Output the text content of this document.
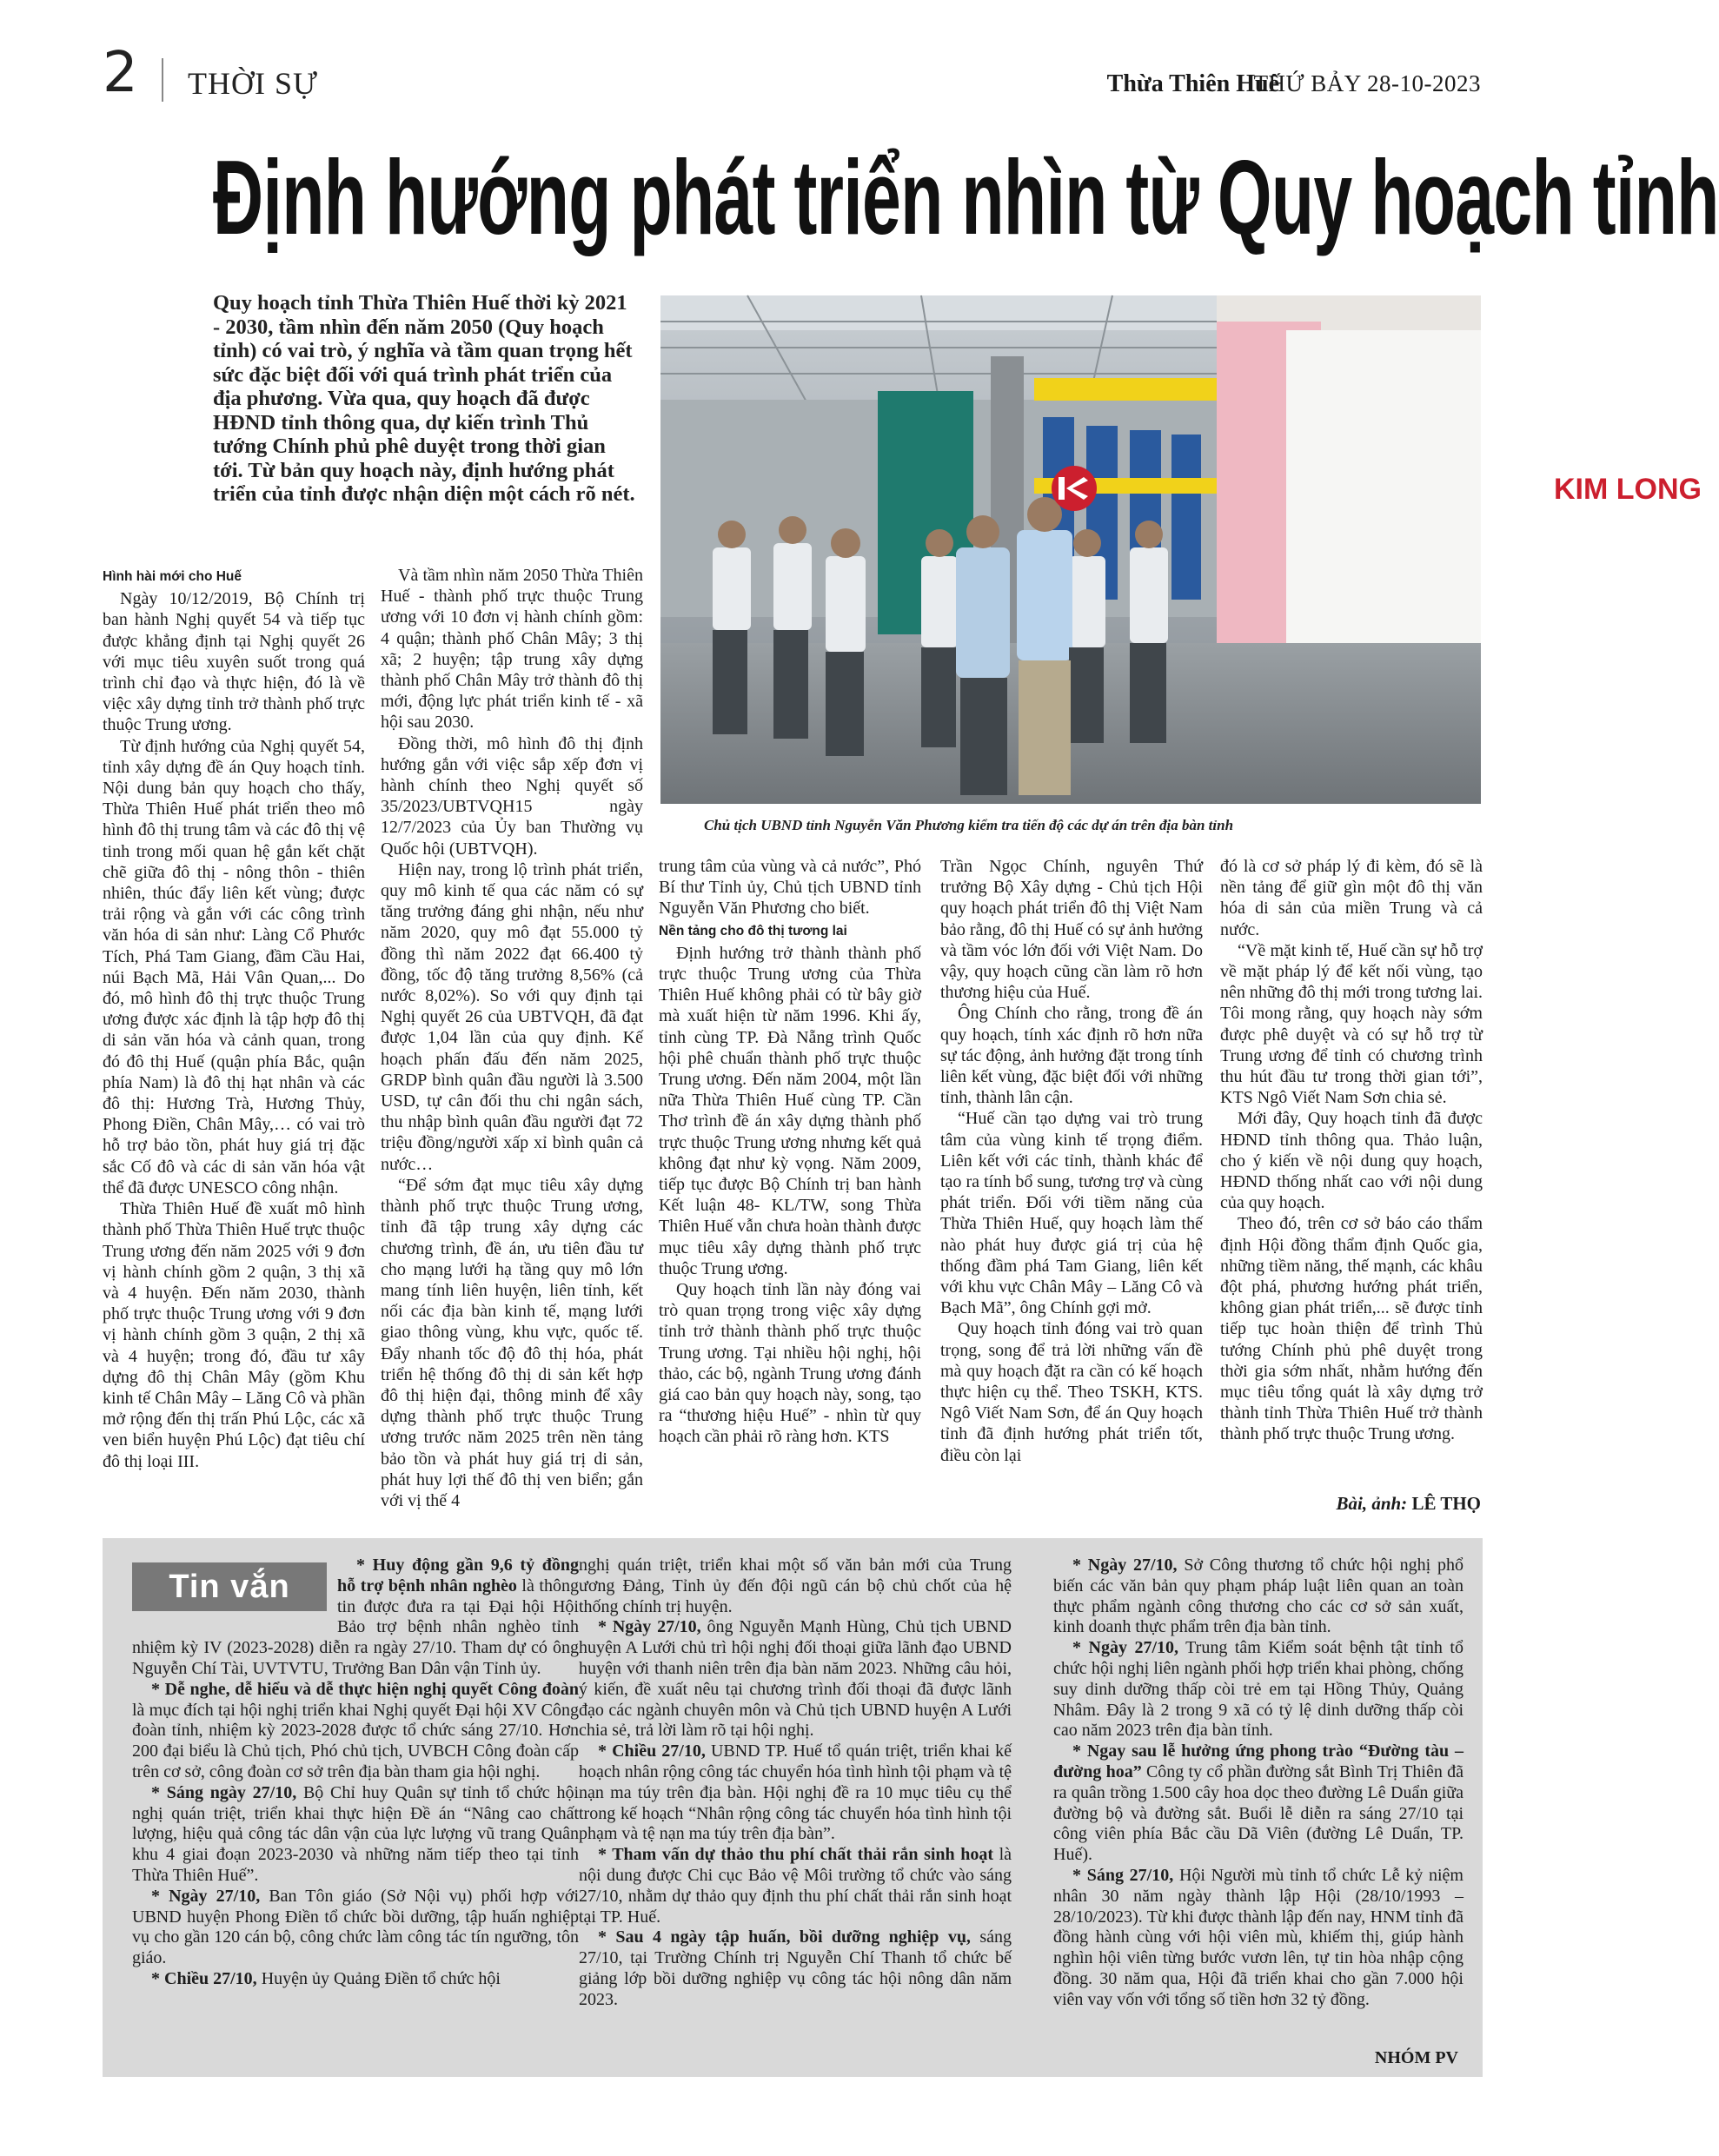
2 THỜI SỰ	Thừa Thiên Huế
THỨ BẢY 28-10-2023
Định hướng phát triển nhìn từ Quy hoạch tỉnh
Quy hoạch tỉnh Thừa Thiên Huế thời kỳ 2021 - 2030, tầm nhìn đến năm 2050 (Quy hoạch tỉnh) có vai trò, ý nghĩa và tầm quan trọng hết sức đặc biệt đối với quá trình phát triển của địa phương. Vừa qua, quy hoạch đã được HĐND tỉnh thông qua, dự kiến trình Thủ tướng Chính phủ phê duyệt trong thời gian tới. Từ bản quy hoạch này, định hướng phát triển của tỉnh được nhận diện một cách rõ nét.	KIM LONG
Chủ tịch UBND tỉnh Nguyễn Văn Phương kiểm tra tiến độ các dự án trên địa bàn tỉnh

Hình hài mới cho Huế

Ngày 10/12/2019, Bộ Chính trị ban hành Nghị quyết 54 và tiếp tục được khẳng định tại Nghị quyết 26 với mục tiêu xuyên suốt trong quá trình chỉ đạo và thực hiện, đó là về việc xây dựng tỉnh trở thành phố trực thuộc Trung ương.

Từ định hướng của Nghị quyết 54, tỉnh xây dựng đề án Quy hoạch tỉnh. Nội dung bản quy hoạch cho thấy, Thừa Thiên Huế phát triển theo mô hình đô thị trung tâm và các đô thị vệ tinh trong mối quan hệ gắn kết chặt chẽ giữa đô thị - nông thôn - thiên nhiên, thúc đẩy liên kết vùng; được trải rộng và gắn với các công trình văn hóa di sản như: Làng Cổ Phước Tích, Phá Tam Giang, đầm Cầu Hai, núi Bạch Mã, Hải Vân Quan,... Do đó, mô hình đô thị trực thuộc Trung ương được xác định là tập hợp đô thị di sản văn hóa và cảnh quan, trong đó đô thị Huế (quận phía Bắc, quận phía Nam) là đô thị hạt nhân và các đô thị: Hương Trà, Hương Thủy, Phong Điền, Chân Mây,… có vai trò hỗ trợ bảo tồn, phát huy giá trị đặc sắc Cố đô và các di sản văn hóa vật thể đã được UNESCO công nhận.

Thừa Thiên Huế đề xuất mô hình thành phố Thừa Thiên Huế trực thuộc Trung ương đến năm 2025 với 9 đơn vị hành chính gồm 2 quận, 3 thị xã và 4 huyện. Đến năm 2030, thành phố trực thuộc Trung ương với 9 đơn vị hành chính gồm 3 quận, 2 thị xã và 4 huyện; trong đó, đầu tư xây dựng đô thị Chân Mây (gồm Khu kinh tế Chân Mây – Lăng Cô và phần mở rộng đến thị trấn Phú Lộc, các xã ven biển huyện Phú Lộc) đạt tiêu chí đô thị loại III.

Và tầm nhìn năm 2050 Thừa Thiên Huế - thành phố trực thuộc Trung ương với 10 đơn vị hành chính gồm: 4 quận; thành phố Chân Mây; 3 thị xã; 2 huyện; tập trung xây dựng thành phố Chân Mây trở thành đô thị mới, động lực phát triển kinh tế - xã hội sau 2030.

Đồng thời, mô hình đô thị định hướng gắn với việc sắp xếp đơn vị hành chính theo Nghị quyết số 35/2023/UBTVQH15 ngày 12/7/2023 của Ủy ban Thường vụ Quốc hội (UBTVQH).

Hiện nay, trong lộ trình phát triển, quy mô kinh tế qua các năm có sự tăng trưởng đáng ghi nhận, nếu như năm 2020, quy mô đạt 55.000 tỷ đồng thì năm 2022 đạt 66.400 tỷ đồng, tốc độ tăng trưởng 8,56% (cả nước 8,02%). So với quy định tại Nghị quyết 26 của UBTVQH, đã đạt được 1,04 lần của quy định. Kế hoạch phấn đấu đến năm 2025, GRDP bình quân đầu người là 3.500 USD, tự cân đối thu chi ngân sách, thu nhập bình quân đầu người đạt 72 triệu đồng/người xấp xỉ bình quân cả nước…

“Để sớm đạt mục tiêu xây dựng thành phố trực thuộc Trung ương, tỉnh đã tập trung xây dựng các chương trình, đề án, ưu tiên đầu tư cho mạng lưới hạ tầng quy mô lớn mang tính liên huyện, liên tỉnh, kết nối các địa bàn kinh tế, mạng lưới giao thông vùng, khu vực, quốc tế. Đẩy nhanh tốc độ đô thị hóa, phát triển hệ thống đô thị di sản kết hợp đô thị hiện đại, thông minh để xây dựng thành phố trực thuộc Trung ương trước năm 2025 trên nền tảng bảo tồn và phát huy giá trị di sản, phát huy lợi thế đô thị ven biển; gắn với vị thế 4

trung tâm của vùng và cả nước”, Phó Bí thư Tỉnh ủy, Chủ tịch UBND tỉnh Nguyễn Văn Phương cho biết.

Nền tảng cho đô thị tương lai

Định hướng trở thành thành phố trực thuộc Trung ương của Thừa Thiên Huế không phải có từ bây giờ mà xuất hiện từ năm 1996. Khi ấy, tỉnh cùng TP. Đà Nẵng trình Quốc hội phê chuẩn thành phố trực thuộc Trung ương. Đến năm 2004, một lần nữa Thừa Thiên Huế cùng TP. Cần Thơ trình đề án xây dựng thành phố trực thuộc Trung ương nhưng kết quả không đạt như kỳ vọng. Năm 2009, tiếp tục được Bộ Chính trị ban hành Kết luận 48- KL/TW, song Thừa Thiên Huế vẫn chưa hoàn thành được mục tiêu xây dựng thành phố trực thuộc Trung ương.

Quy hoạch tỉnh lần này đóng vai trò quan trọng trong việc xây dựng tỉnh trở thành thành phố trực thuộc Trung ương. Tại nhiều hội nghị, hội thảo, các bộ, ngành Trung ương đánh giá cao bản quy hoạch này, song, tạo ra “thương hiệu Huế” - nhìn từ quy hoạch cần phải rõ ràng hơn. KTS

Trần Ngọc Chính, nguyên Thứ trưởng Bộ Xây dựng - Chủ tịch Hội quy hoạch phát triển đô thị Việt Nam bảo rằng, đô thị Huế có sự ảnh hưởng và tầm vóc lớn đối với Việt Nam. Do vậy, quy hoạch cũng cần làm rõ hơn thương hiệu của Huế.

Ông Chính cho rằng, trong đề án quy hoạch, tính xác định rõ hơn nữa sự tác động, ảnh hưởng đặt trong tính liên kết vùng, đặc biệt đối với những tỉnh, thành lân cận.

“Huế cần tạo dựng vai trò trung tâm của vùng kinh tế trọng điểm. Liên kết với các tỉnh, thành khác để tạo ra tính bổ sung, tương trợ và cùng phát triển. Đối với tiềm năng của Thừa Thiên Huế, quy hoạch làm thế nào phát huy được giá trị của hệ thống đầm phá Tam Giang, liên kết với khu vực Chân Mây – Lăng Cô và Bạch Mã”, ông Chính gợi mở.

Quy hoạch tỉnh đóng vai trò quan trọng, song để trả lời những vấn đề mà quy hoạch đặt ra cần có kế hoạch thực hiện cụ thể. Theo TSKH, KTS. Ngô Viết Nam Sơn, để án Quy hoạch tỉnh đã định hướng phát triển tốt, điều còn lại

đó là cơ sở pháp lý đi kèm, đó sẽ là nền tảng để giữ gìn một đô thị văn hóa di sản của miền Trung và cả nước.

“Về mặt kinh tế, Huế cần sự hỗ trợ về mặt pháp lý để kết nối vùng, tạo nên những đô thị mới trong tương lai. Tôi mong rằng, quy hoạch này sớm được phê duyệt và có sự hỗ trợ từ Trung ương để tỉnh có chương trình thu hút đầu tư trong thời gian tới”, KTS Ngô Viết Nam Sơn chia sẻ.

Mới đây, Quy hoạch tỉnh đã được HĐND tỉnh thông qua. Thảo luận, cho ý kiến về nội dung quy hoạch, HĐND thống nhất cao với nội dung của quy hoạch.

Theo đó, trên cơ sở báo cáo thẩm định Hội đồng thẩm định Quốc gia, những tiềm năng, thế mạnh, các khâu đột phá, phương hướng phát triển, không gian phát triển,... sẽ được tỉnh tiếp tục hoàn thiện để trình Thủ tướng Chính phủ phê duyệt trong thời gia sớm nhất, nhằm hướng đến mục tiêu tổng quát là xây dựng trở thành tỉnh Thừa Thiên Huế trở thành thành phố trực thuộc Trung ương.

Bài, ảnh: LÊ THỌ

* Huy động gần 9,6 tỷ đồng hỗ trợ bệnh nhân nghèo là thông tin được đưa ra tại Đại hội Hội Bảo trợ bệnh nhân nghèo tỉnh nhiệm kỳ IV (2023-2028) diễn ra ngày 27/10. Tham dự có ông Nguyễn Chí Tài, UVTVTU, Trưởng Ban Dân vận Tỉnh ủy.

* Dễ nghe, dễ hiểu và dễ thực hiện nghị quyết Công đoàn là mục đích tại hội nghị triển khai Nghị quyết Đại hội XV Công đoàn tỉnh, nhiệm kỳ 2023-2028 được tổ chức sáng 27/10. Hơn 200 đại biểu là Chủ tịch, Phó chủ tịch, UVBCH Công đoàn cấp trên cơ sở, công đoàn cơ sở trên địa bàn tham gia hội nghị.

* Sáng ngày 27/10, Bộ Chỉ huy Quân sự tỉnh tổ chức hội nghị quán triệt, triển khai thực hiện Đề án “Nâng cao chất lượng, hiệu quả công tác dân vận của lực lượng vũ trang Quân khu 4 giai đoạn 2023-2030 và những năm tiếp theo tại tỉnh Thừa Thiên Huế”.

* Ngày 27/10, Ban Tôn giáo (Sở Nội vụ) phối hợp với UBND huyện Phong Điền tổ chức bồi dưỡng, tập huấn nghiệp vụ cho gần 120 cán bộ, công chức làm công tác tín ngưỡng, tôn giáo.

* Chiều 27/10, Huyện ủy Quảng Điền tổ chức hội

Tin vắn

nghị quán triệt, triển khai một số văn bản mới của Trung ương Đảng, Tỉnh ủy đến đội ngũ cán bộ chủ chốt của hệ thống chính trị huyện.

* Ngày 27/10, ông Nguyễn Mạnh Hùng, Chủ tịch UBND huyện A Lưới chủ trì hội nghị đối thoại giữa lãnh đạo UBND huyện với thanh niên trên địa bàn năm 2023. Những câu hỏi, ý kiến, đề xuất nêu tại chương trình đối thoại đã được lãnh đạo các ngành chuyên môn và Chủ tịch UBND huyện A Lưới chia sẻ, trả lời làm rõ tại hội nghị.

* Chiều 27/10, UBND TP. Huế tổ quán triệt, triển khai kế hoạch nhân rộng công tác chuyển hóa tình hình tội phạm và tệ nạn ma túy trên địa bàn. Hội nghị đề ra 10 mục tiêu cụ thể trong kế hoạch “Nhân rộng công tác chuyển hóa tình hình tội phạm và tệ nạn ma túy trên địa bàn”.

* Tham vấn dự thảo thu phí chất thải rắn sinh hoạt là nội dung được Chi cục Bảo vệ Môi trường tổ chức vào sáng 27/10, nhằm dự thảo quy định thu phí chất thải rắn sinh hoạt tại TP. Huế.

* Sau 4 ngày tập huấn, bồi dưỡng nghiệp vụ, sáng 27/10, tại Trường Chính trị Nguyễn Chí Thanh tổ chức bế giảng lớp bồi dưỡng nghiệp vụ công tác hội nông dân năm 2023.

* Ngày 27/10, Sở Công thương tổ chức hội nghị phổ biến các văn bản quy phạm pháp luật liên quan an toàn thực phẩm ngành công thương cho các cơ sở sản xuất, kinh doanh thực phẩm trên địa bàn tỉnh.

* Ngày 27/10, Trung tâm Kiểm soát bệnh tật tỉnh tổ chức hội nghị liên ngành phối hợp triển khai phòng, chống suy dinh dưỡng thấp còi trẻ em tại Hồng Thủy, Quảng Nhâm. Đây là 2 trong 9 xã có tỷ lệ dinh dưỡng thấp còi cao năm 2023 trên địa bàn tỉnh.

* Ngay sau lễ hưởng ứng phong trào “Đường tàu – đường hoa” Công ty cổ phần đường sắt Bình Trị Thiên đã ra quân trồng 1.500 cây hoa dọc theo đường Lê Duẩn giữa đường bộ và đường sắt. Buổi lễ diễn ra sáng 27/10 tại công viên phía Bắc cầu Dã Viên (đường Lê Duẩn, TP. Huế).

* Sáng 27/10, Hội Người mù tỉnh tổ chức Lễ kỷ niệm nhân 30 năm ngày thành lập Hội (28/10/1993 – 28/10/2023). Từ khi được thành lập đến nay, HNM tỉnh đã đồng hành cùng với hội viên mù, khiếm thị, giúp hành nghìn hội viên từng bước vươn lên, tự tin hòa nhập cộng đồng. 30 năm qua, Hội đã triển khai cho gần 7.000 hội viên vay vốn với tổng số tiền hơn 32 tỷ đồng.

NHÓM PV
